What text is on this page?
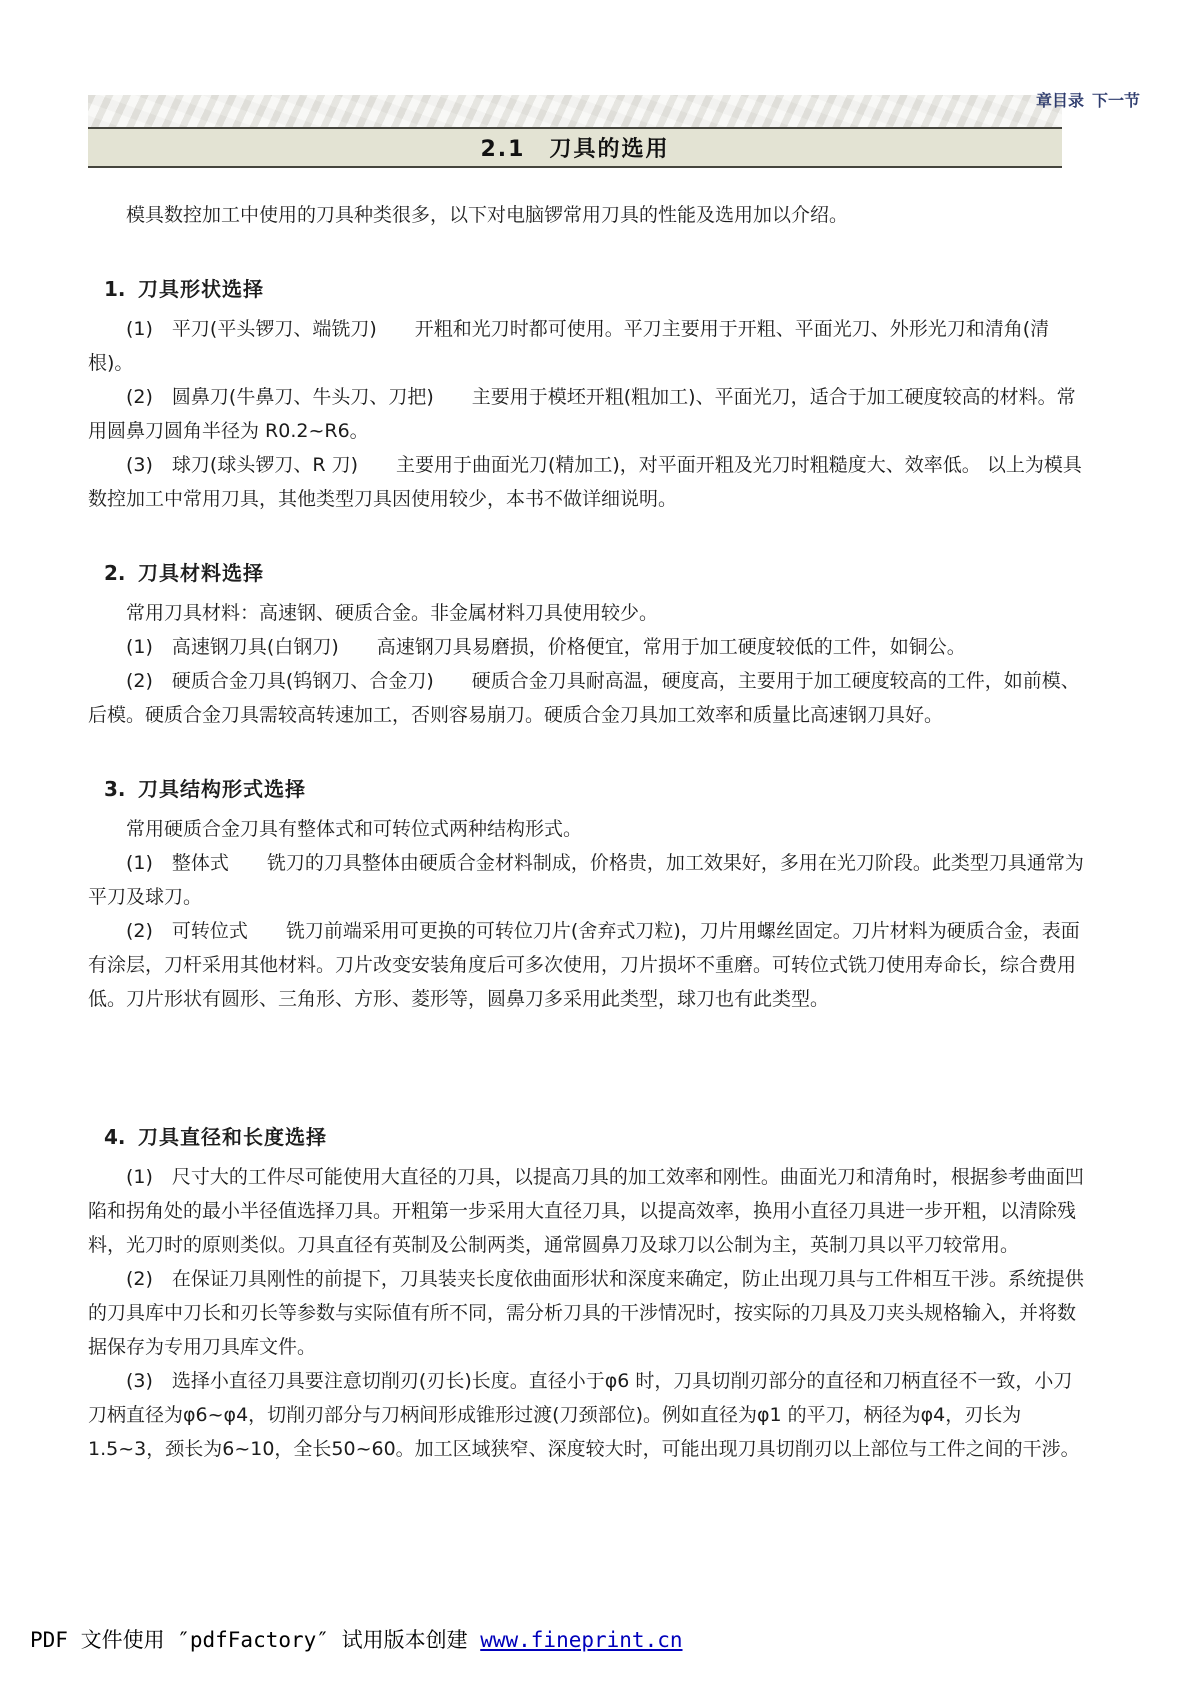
章目录 下一节
2.1　刀具的选用

模具数控加工中使用的刀具种类很多，以下对电脑锣常用刀具的性能及选用加以介绍。

1. 刀具形状选择

(1)　平刀(平头锣刀、端铣刀)　　开粗和光刀时都可使用。平刀主要用于开粗、平面光刀、外形光刀和清角(清根)。

(2)　圆鼻刀(牛鼻刀、牛头刀、刀把)　　主要用于模坯开粗(粗加工)、平面光刀，适合于加工硬度较高的材料。常用圆鼻刀圆角半径为 R0.2~R6。

(3)　球刀(球头锣刀、R 刀)　　主要用于曲面光刀(精加工)，对平面开粗及光刀时粗糙度大、效率低。 以上为模具数控加工中常用刀具，其他类型刀具因使用较少，本书不做详细说明。

2. 刀具材料选择

常用刀具材料：高速钢、硬质合金。非金属材料刀具使用较少。

(1)　高速钢刀具(白钢刀)　　高速钢刀具易磨损，价格便宜，常用于加工硬度较低的工件，如铜公。

(2)　硬质合金刀具(钨钢刀、合金刀)　　硬质合金刀具耐高温，硬度高，主要用于加工硬度较高的工件，如前模、后模。硬质合金刀具需较高转速加工，否则容易崩刀。硬质合金刀具加工效率和质量比高速钢刀具好。

3. 刀具结构形式选择

常用硬质合金刀具有整体式和可转位式两种结构形式。

(1)　整体式　　铣刀的刀具整体由硬质合金材料制成，价格贵，加工效果好，多用在光刀阶段。此类型刀具通常为平刀及球刀。

(2)　可转位式　　铣刀前端采用可更换的可转位刀片(舍弃式刀粒)，刀片用螺丝固定。刀片材料为硬质合金，表面有涂层，刀杆采用其他材料。刀片改变安装角度后可多次使用，刀片损坏不重磨。可转位式铣刀使用寿命长，综合费用低。刀片形状有圆形、三角形、方形、菱形等，圆鼻刀多采用此类型，球刀也有此类型。

4. 刀具直径和长度选择

(1)　尺寸大的工件尽可能使用大直径的刀具，以提高刀具的加工效率和刚性。曲面光刀和清角时，根据参考曲面凹陷和拐角处的最小半径值选择刀具。开粗第一步采用大直径刀具，以提高效率，换用小直径刀具进一步开粗，以清除残料，光刀时的原则类似。刀具直径有英制及公制两类，通常圆鼻刀及球刀以公制为主，英制刀具以平刀较常用。

(2)　在保证刀具刚性的前提下，刀具装夹长度依曲面形状和深度来确定，防止出现刀具与工件相互干涉。系统提供的刀具库中刀长和刃长等参数与实际值有所不同，需分析刀具的干涉情况时，按实际的刀具及刀夹头规格输入，并将数据保存为专用刀具库文件。

(3)　选择小直径刀具要注意切削刃(刃长)长度。直径小于φ6 时，刀具切削刃部分的直径和刀柄直径不一致，小刀刀柄直径为φ6~φ4，切削刃部分与刀柄间形成锥形过渡(刀颈部位)。例如直径为φ1 的平刀，柄径为φ4，刃长为1.5~3，颈长为6~10，全长50~60。加工区域狭窄、深度较大时，可能出现刀具切削刃以上部位与工件之间的干涉。

PDF 文件使用 ″pdfFactory″ 试用版本创建 www.fineprint.cn
